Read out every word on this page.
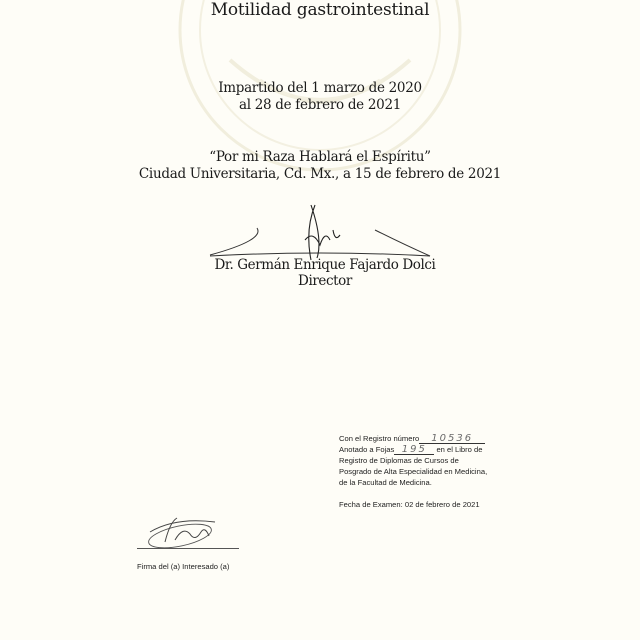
Motilidad gastrointestinal
Impartido del 1 marzo de 2020
al 28 de febrero de 2021
“Por mi Raza Hablará el Espíritu”
Ciudad Universitaria, Cd. Mx., a 15 de febrero de 2021
Dr. Germán Enrique Fajardo Dolci
Director
Con el Registro número 10536
Anotado a Fojas 195 en el Libro de
Registro de Diplomas de Cursos de
Posgrado de Alta Especialidad en Medicina,
de la Facultad de Medicina.
Fecha de Examen: 02 de febrero de 2021
Firma del (a) Interesado (a)
